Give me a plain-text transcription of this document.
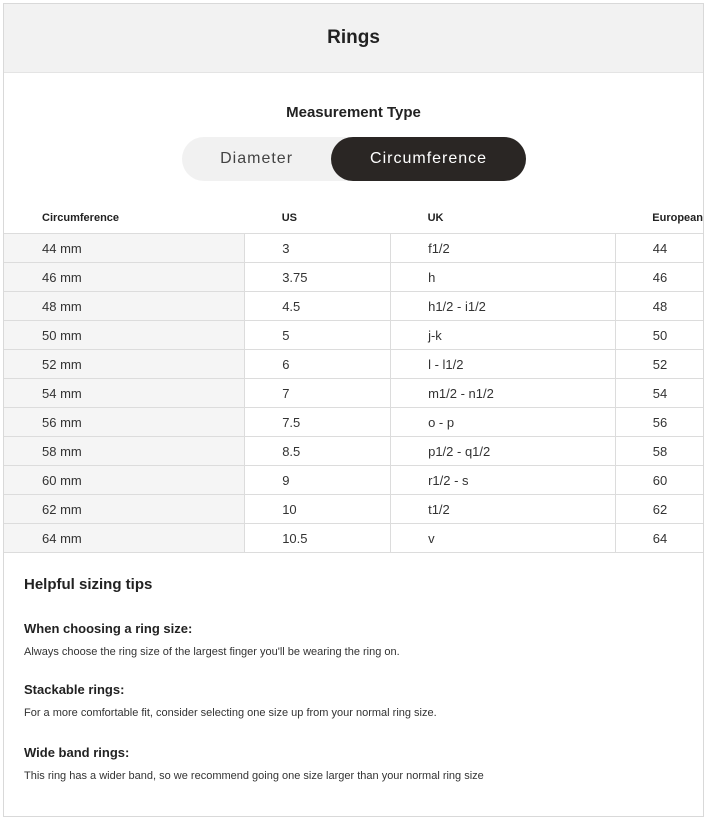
Rings
Measurement Type
Diameter	Circumference
Circumference	US	UK	European
44 mm	3	f1/2	44
46 mm	3.75	h	46
48 mm	4.5	h1/2 - i1/2	48
50 mm	5	j-k	50
52 mm	6	l - l1/2	52
54 mm	7	m1/2 - n1/2	54
56 mm	7.5	o - p	56
58 mm	8.5	p1/2 - q1/2	58
60 mm	9	r1/2 - s	60
62 mm	10	t1/2	62
64 mm	10.5	v	64
Helpful sizing tips

When choosing a ring size:

Always choose the ring size of the largest finger you'll be wearing the ring on.

Stackable rings:

For a more comfortable fit, consider selecting one size up from your normal ring size.

Wide band rings:

This ring has a wider band, so we recommend going one size larger than your normal ring size
